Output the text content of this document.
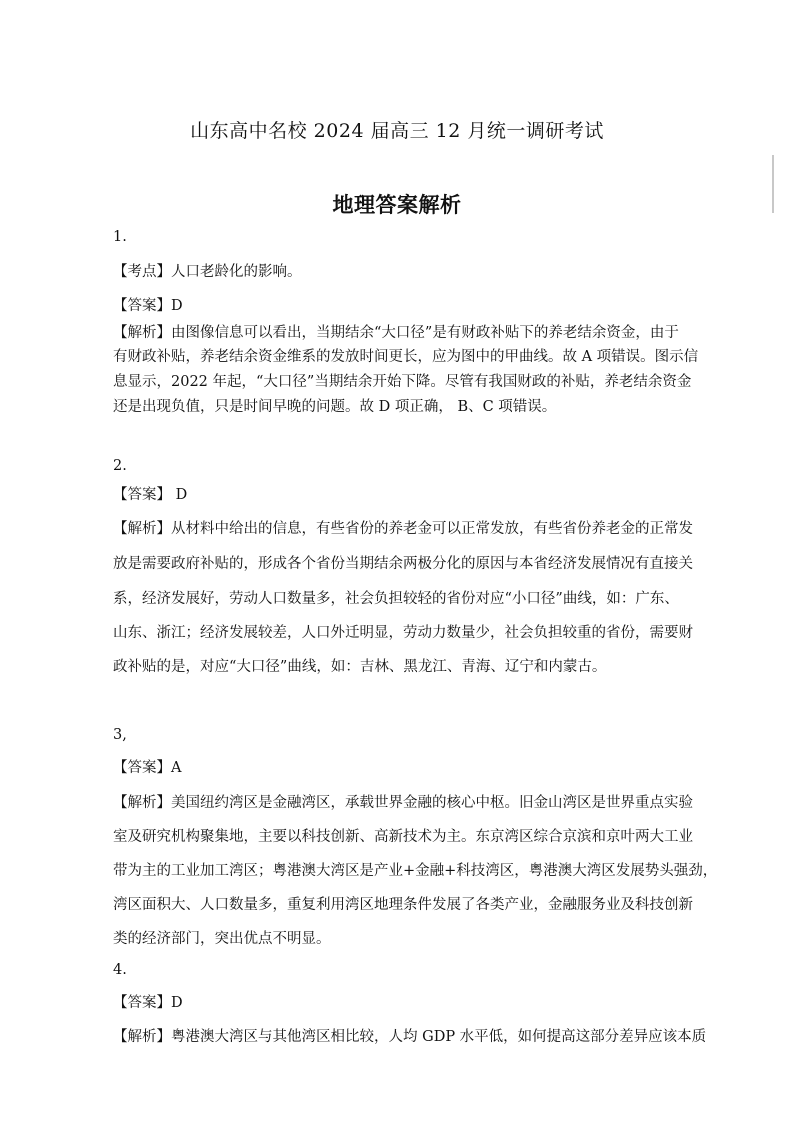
山东高中名校 2024 届高三 12 月统一调研考试
地理答案解析
1.
【考点】人口老龄化的影响。
【答案】D
【解析】由图像信息可以看出，当期结余“大口径”是有财政补贴下的养老结余资金，由于
有财政补贴，养老结余资金维系的发放时间更长，应为图中的甲曲线。故 A 项错误。图示信
息显示，2022 年起，“大口径”当期结余开始下降。尽管有我国财政的补贴，养老结余资金
还是出现负值，只是时间早晚的问题。故 D 项正确， B、C 项错误。
2.
【答案】 D
【解析】从材料中给出的信息，有些省份的养老金可以正常发放，有些省份养老金的正常发
放是需要政府补贴的，形成各个省份当期结余两极分化的原因与本省经济发展情况有直接关
系，经济发展好，劳动人口数量多，社会负担较轻的省份对应“小口径”曲线，如：广东、
山东、浙江；经济发展较差，人口外迁明显，劳动力数量少，社会负担较重的省份，需要财
政补贴的是，对应“大口径”曲线，如：吉林、黑龙江、青海、辽宁和内蒙古。
3,
【答案】A
【解析】美国纽约湾区是金融湾区，承载世界金融的核心中枢。旧金山湾区是世界重点实验
室及研究机构聚集地，主要以科技创新、高新技术为主。东京湾区综合京滨和京叶两大工业
带为主的工业加工湾区；粤港澳大湾区是产业+金融+科技湾区，粤港澳大湾区发展势头强劲，
湾区面积大、人口数量多，重复利用湾区地理条件发展了各类产业，金融服务业及科技创新
类的经济部门，突出优点不明显。
4.
【答案】D
【解析】粤港澳大湾区与其他湾区相比较，人均 GDP 水平低，如何提高这部分差异应该本质
